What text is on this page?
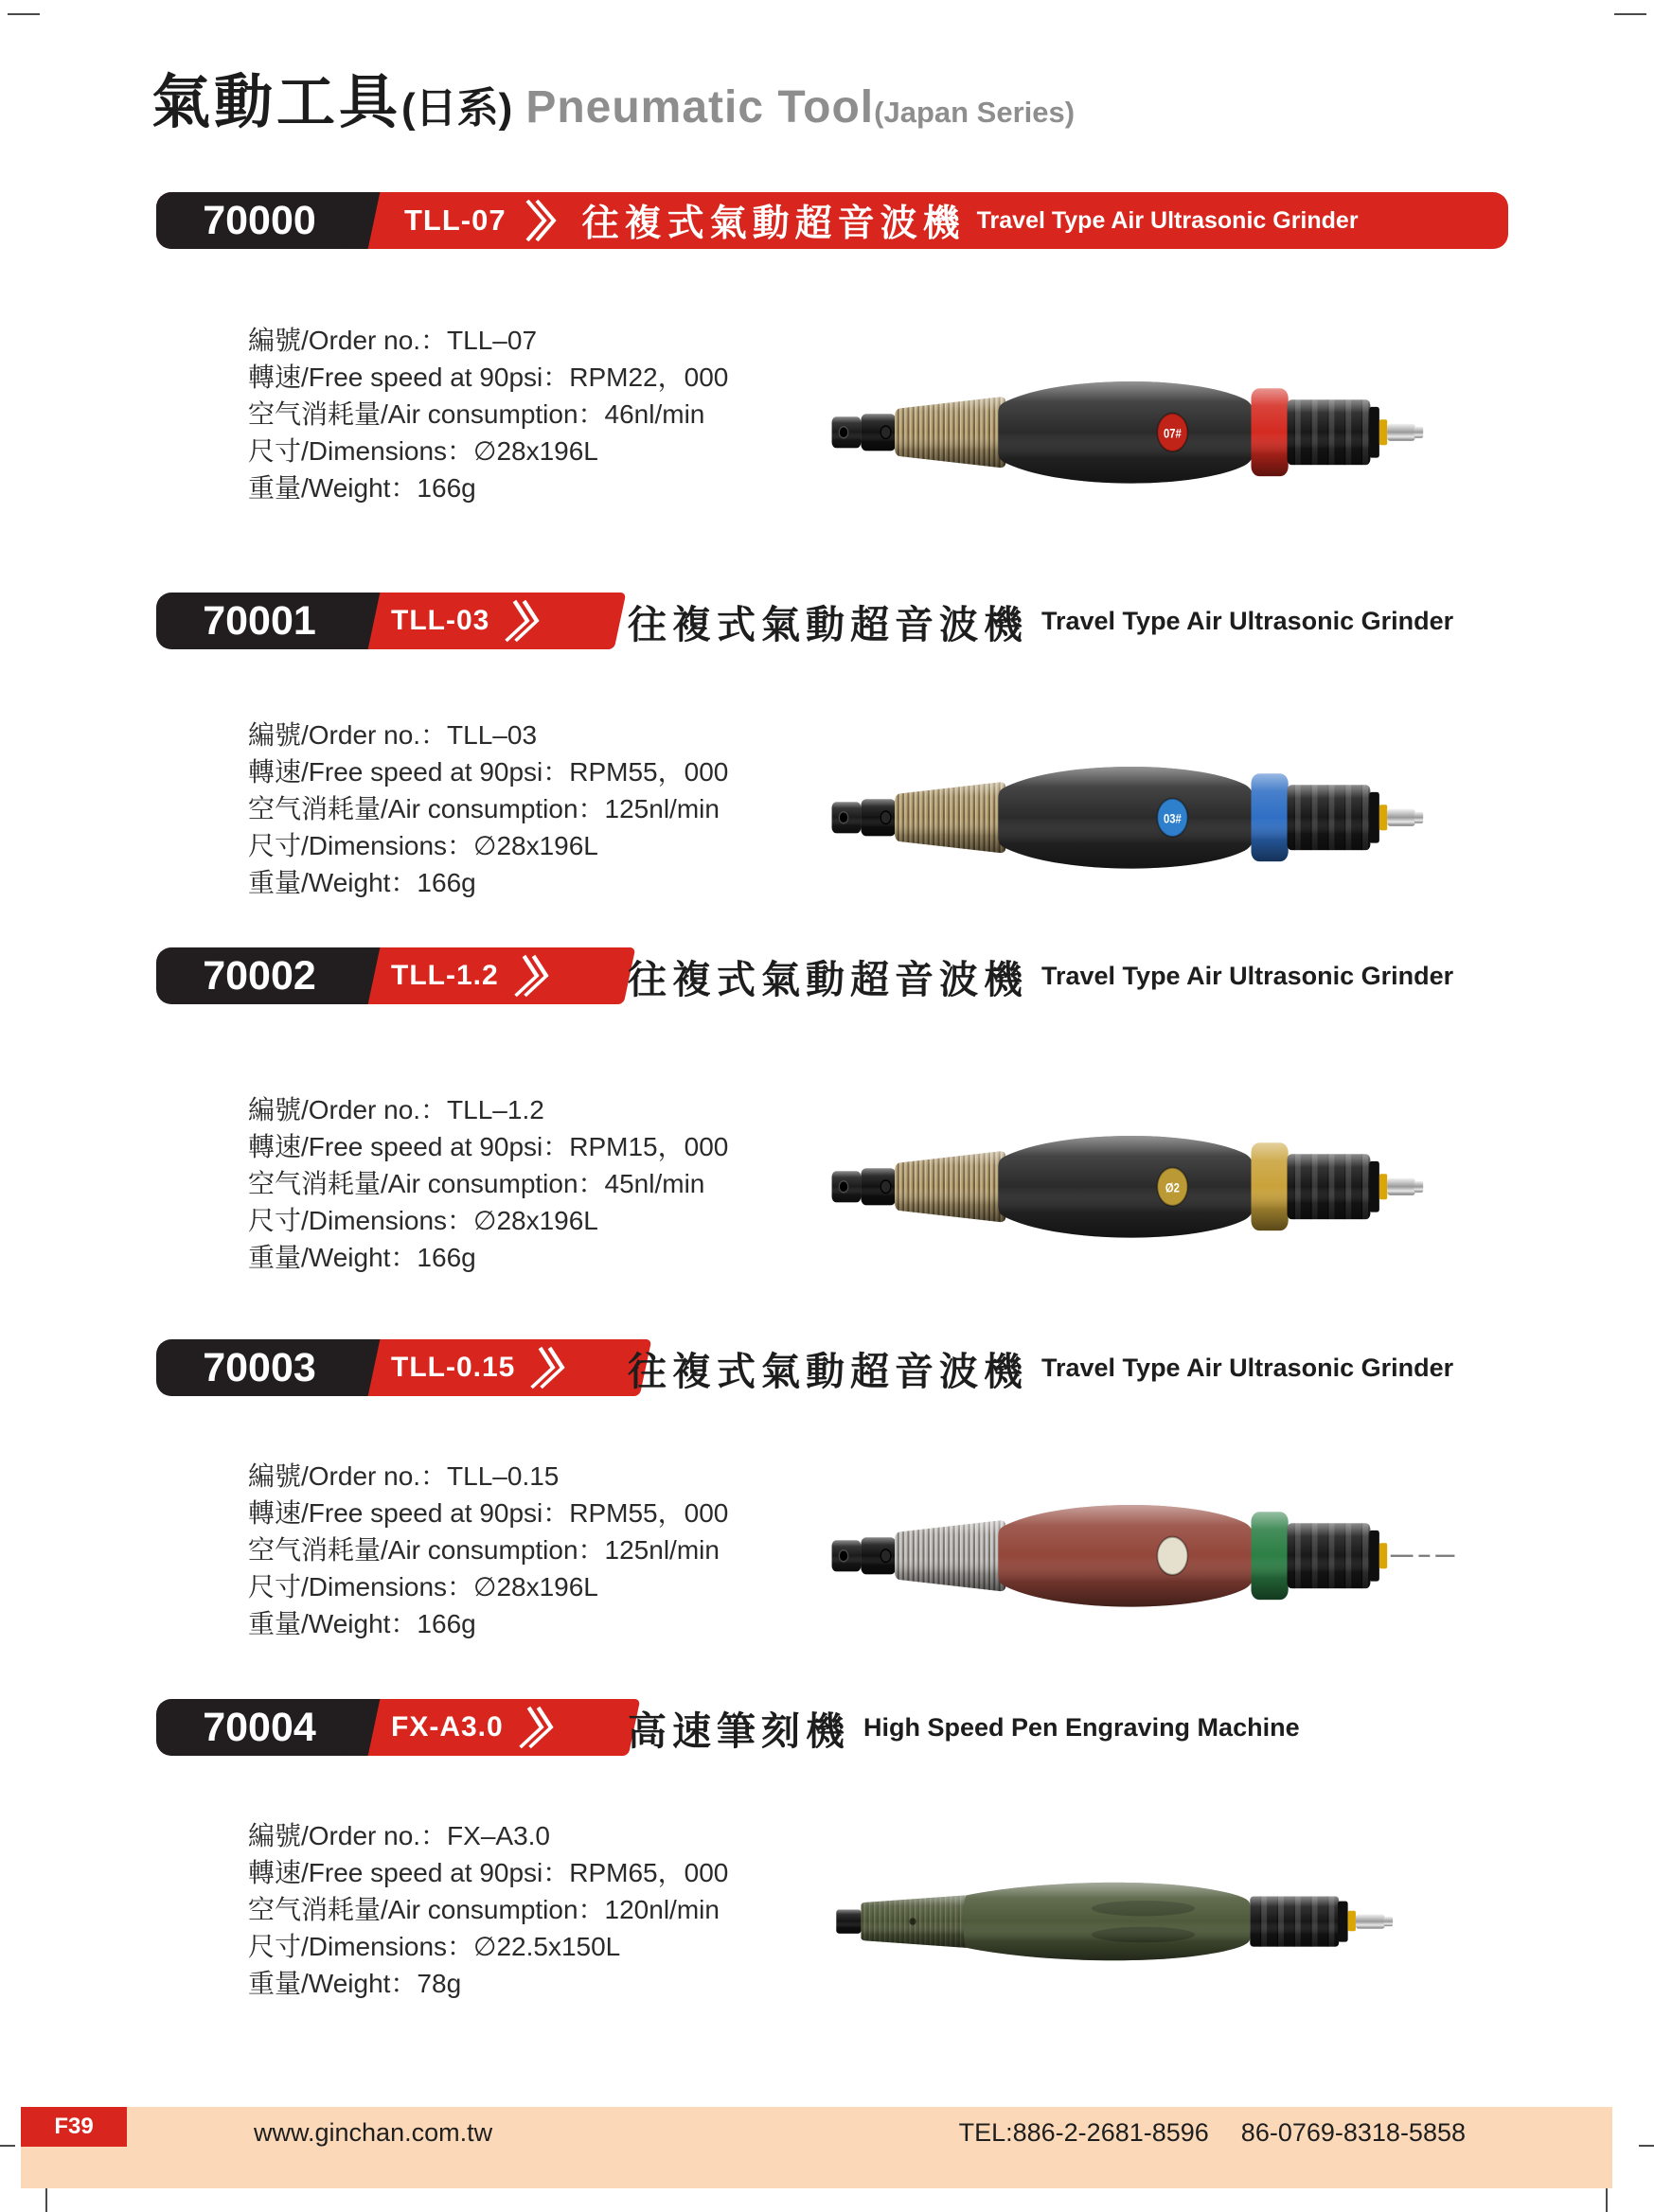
氣動工具 (日系) Pneumatic Tool (Japan Series)
70000	TLL-07 往複式氣動超音波機 Travel Type Air Ultrasonic Grinder
編號/Order no.：TLL–07
轉速/Free speed at 90psi：RPM22，000
空气消耗量/Air consumption：46nl/min
尺寸/Dimensions：∅28x196L
重量/Weight：166g
07#
70001	TLL-03	往複式氣動超音波機 Travel Type Air Ultrasonic Grinder
編號/Order no.：TLL–03
轉速/Free speed at 90psi：RPM55，000
空气消耗量/Air consumption：125nl/min
尺寸/Dimensions：∅28x196L
重量/Weight：166g
03#
70002	TLL-1.2	往複式氣動超音波機 Travel Type Air Ultrasonic Grinder
編號/Order no.：TLL–1.2
轉速/Free speed at 90psi：RPM15，000
空气消耗量/Air consumption：45nl/min
尺寸/Dimensions：∅28x196L
重量/Weight：166g
Ø2
70003	TLL-0.15	往複式氣動超音波機 Travel Type Air Ultrasonic Grinder
編號/Order no.：TLL–0.15
轉速/Free speed at 90psi：RPM55，000
空气消耗量/Air consumption：125nl/min
尺寸/Dimensions：∅28x196L
重量/Weight：166g
70004	FX-A3.0	高速筆刻機 High Speed Pen Engraving Machine
編號/Order no.：FX–A3.0
轉速/Free speed at 90psi：RPM65，000
空气消耗量/Air consumption：120nl/min
尺寸/Dimensions：∅22.5x150L
重量/Weight：78g
F39	www.ginchan.com.tw	TEL:886-2-2681-8596 86-0769-8318-5858
